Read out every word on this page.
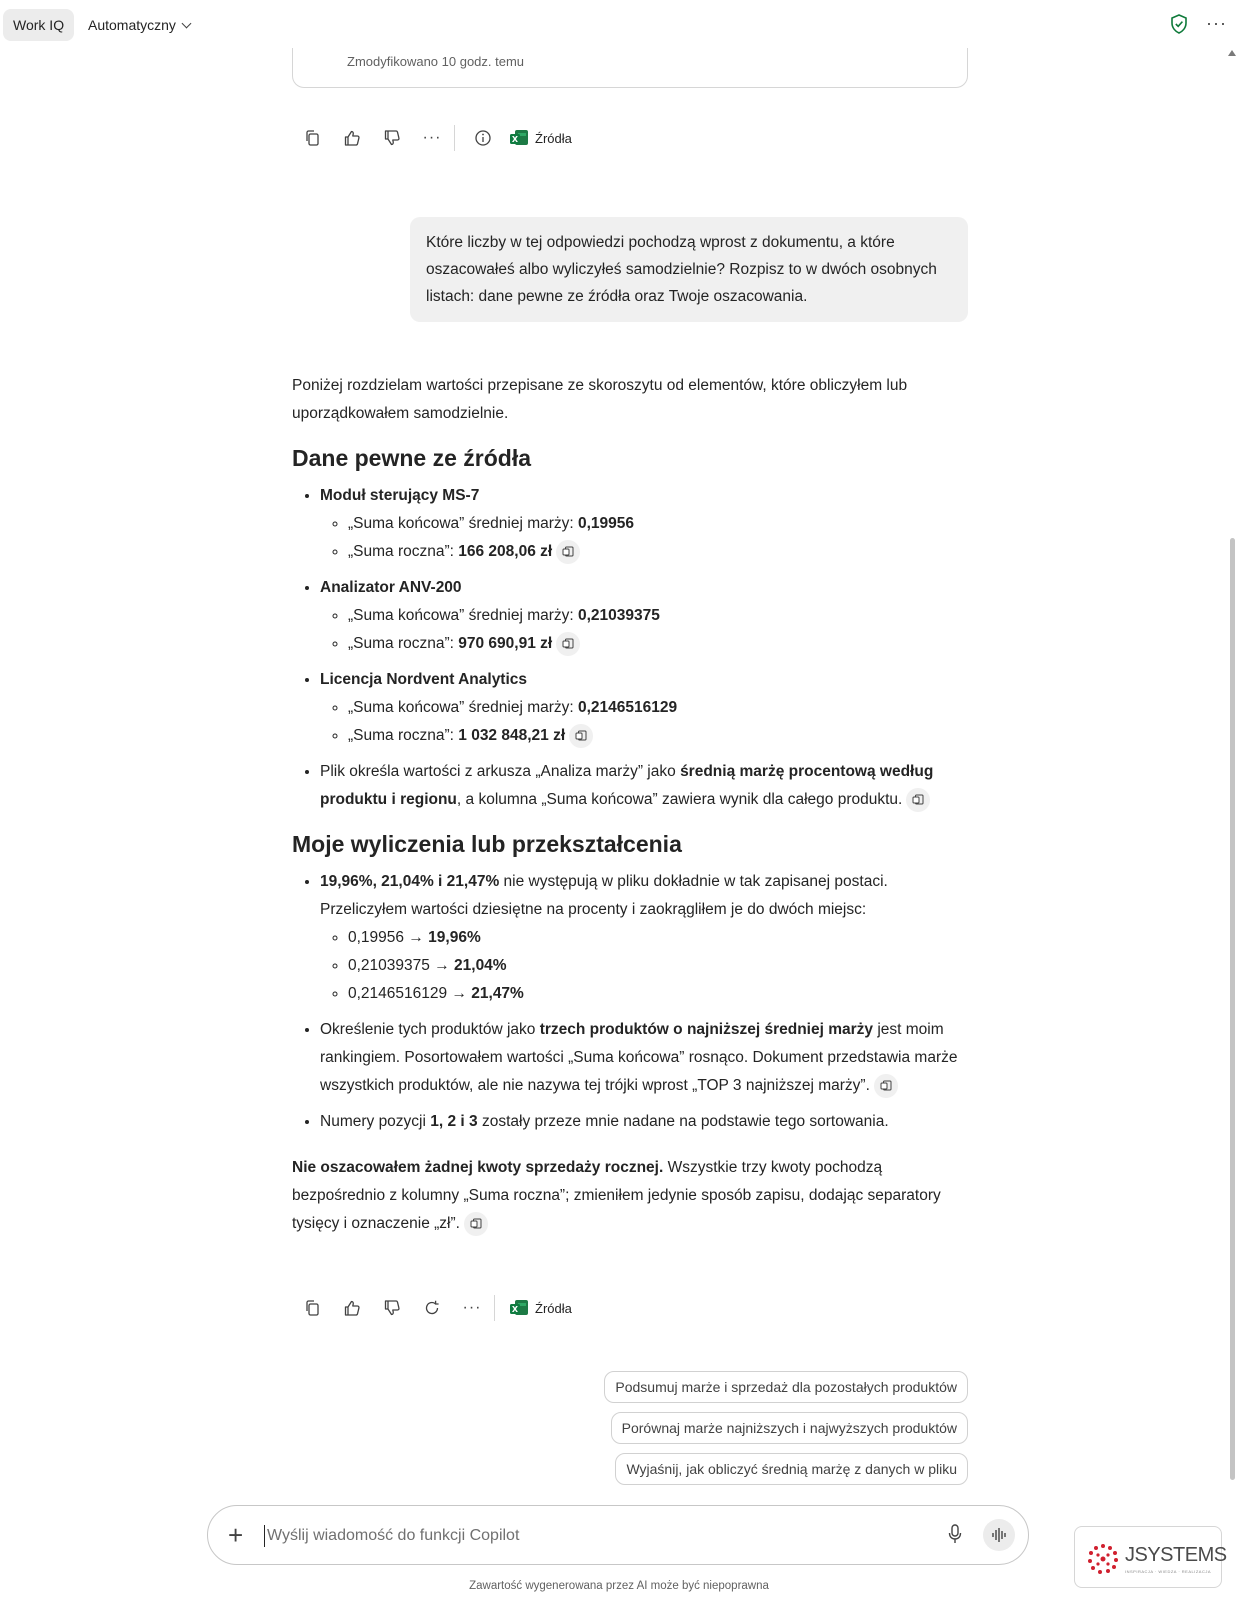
Work IQ	Automatyczny	···
Zmodyfikowano 10 godz. temu
···	X Źródła
Które liczby w tej odpowiedzi pochodzą wprost z dokumentu, a które oszacowałeś albo wyliczyłeś samodzielnie? Rozpisz to w dwóch osobnych listach: dane pewne ze źródła oraz Twoje oszacowania.

Poniżej rozdzielam wartości przepisane ze skoroszytu od elementów, które obliczyłem lub uporządkowałem samodzielnie.

Dane pewne ze źródła
• Moduł sterujący MS-7
◦ „Suma końcowa” średniej marży: 0,19956
◦ „Suma roczna”: 166 208,06 zł
• Analizator ANV-200
◦ „Suma końcowa” średniej marży: 0,21039375
◦ „Suma roczna”: 970 690,91 zł
• Licencja Nordvent Analytics
◦ „Suma końcowa” średniej marży: 0,2146516129
◦ „Suma roczna”: 1 032 848,21 zł
• Plik określa wartości z arkusza „Analiza marży” jako średnią marżę procentową według produktu i regionu, a kolumna „Suma końcowa” zawiera wynik dla całego produktu.
Moje wyliczenia lub przekształcenia
• 19,96%, 21,04% i 21,47% nie występują w pliku dokładnie w tak zapisanej postaci. Przeliczyłem wartości dziesiętne na procenty i zaokrągliłem je do dwóch miejsc:
◦ 0,19956 → 19,96%
◦ 0,21039375 → 21,04%
◦ 0,2146516129 → 21,47%
• Określenie tych produktów jako trzech produktów o najniższej średniej marży jest moim rankingiem. Posortowałem wartości „Suma końcowa” rosnąco. Dokument przedstawia marże wszystkich produktów, ale nie nazywa tej trójki wprost „TOP 3 najniższej marży”.
• Numery pozycji 1, 2 i 3 zostały przeze mnie nadane na podstawie tego sortowania.

Nie oszacowałem żadnej kwoty sprzedaży rocznej. Wszystkie trzy kwoty pochodzą bezpośrednio z kolumny „Suma roczna”; zmieniłem jedynie sposób zapisu, dodając separatory tysięcy i oznaczenie „zł”.

···	X Źródła
Podsumuj marże i sprzedaż dla pozostałych produktów
Porównaj marże najniższych i najwyższych produktów
Wyjaśnij, jak obliczyć średnią marżę z danych w pliku
+ Wyślij wiadomość do funkcji Copilot
Zawartość wygenerowana przez AI może być niepoprawna
JSYSTEMS
INSPIRACJA · WIEDZA · REALIZACJA
